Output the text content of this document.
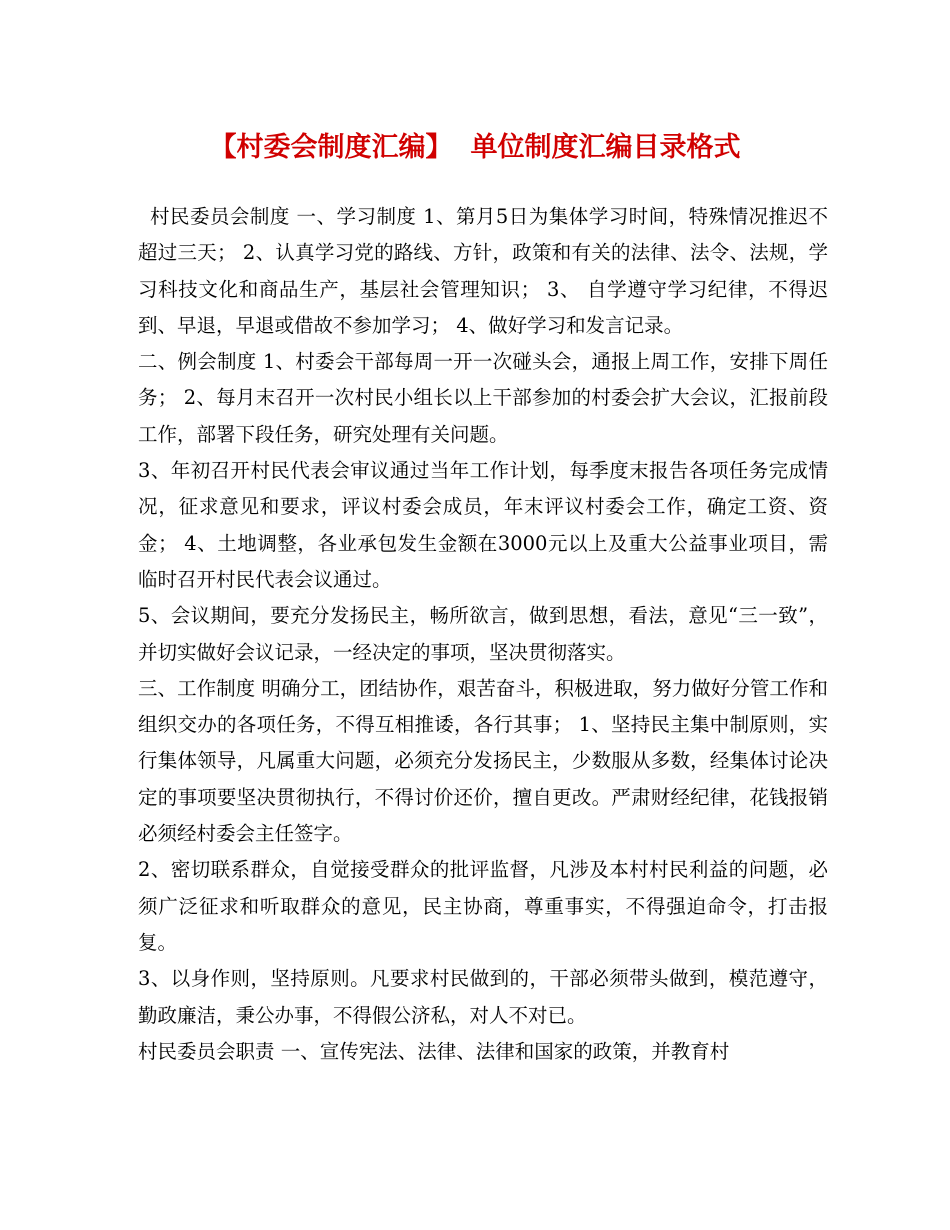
【村委会制度汇编】 单位制度汇编目录格式

村民委员会制度 一、学习制度 1、第月5日为集体学习时间，特殊情况推迟不超过三天； 2、认真学习党的路线、方针，政策和有关的法律、法令、法规，学习科技文化和商品生产，基层社会管理知识； 3、 自学遵守学习纪律，不得迟到、早退，早退或借故不参加学习； 4、做好学习和发言记录。

二、例会制度 1、村委会干部每周一开一次碰头会，通报上周工作，安排下周任务； 2、每月末召开一次村民小组长以上干部参加的村委会扩大会议，汇报前段工作，部署下段任务，研究处理有关问题。

3、年初召开村民代表会审议通过当年工作计划，每季度末报告各项任务完成情况，征求意见和要求，评议村委会成员，年末评议村委会工作，确定工资、资金； 4、土地调整，各业承包发生金额在3000元以上及重大公益事业项目，需临时召开村民代表会议通过。

5、会议期间，要充分发扬民主，畅所欲言，做到思想，看法，意见“三一致”，并切实做好会议记录，一经决定的事项，坚决贯彻落实。

三、工作制度 明确分工，团结协作，艰苦奋斗，积极进取，努力做好分管工作和组织交办的各项任务，不得互相推诿，各行其事； 1、坚持民主集中制原则，实行集体领导，凡属重大问题，必须充分发扬民主，少数服从多数，经集体讨论决定的事项要坚决贯彻执行，不得讨价还价，擅自更改。严肃财经纪律，花钱报销必须经村委会主任签字。

2、密切联系群众，自觉接受群众的批评监督，凡涉及本村村民利益的问题，必须广泛征求和听取群众的意见，民主协商，尊重事实，不得强迫命令，打击报复。

3、以身作则，坚持原则。凡要求村民做到的，干部必须带头做到，模范遵守，勤政廉洁，秉公办事，不得假公济私，对人不对已。

村民委员会职责 一、宣传宪法、法律、法律和国家的政策，并教育村
